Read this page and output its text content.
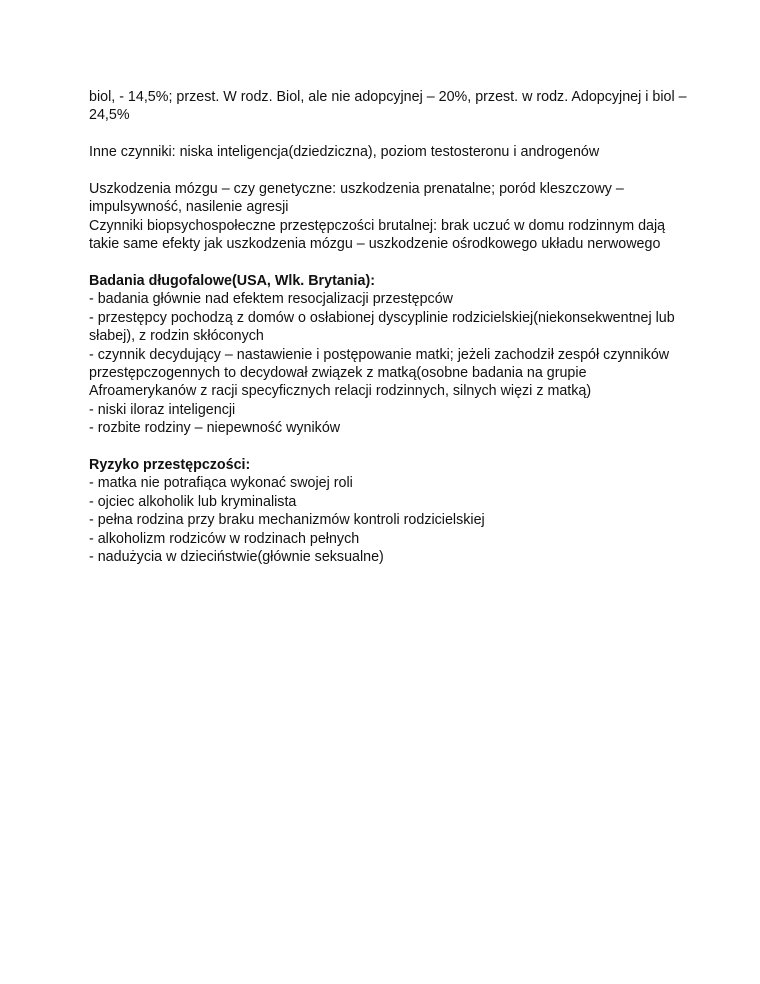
biol, - 14,5%; przest. W rodz. Biol, ale nie adopcyjnej – 20%, przest. w rodz. Adopcyjnej i biol –
24,5%

Inne czynniki: niska inteligencja(dziedziczna), poziom testosteronu i androgenów

Uszkodzenia mózgu – czy genetyczne: uszkodzenia prenatalne; poród kleszczowy –
impulsywność, nasilenie agresji
Czynniki biopsychospołeczne przestępczości brutalnej: brak uczuć w domu rodzinnym dają
takie same efekty jak uszkodzenia mózgu – uszkodzenie ośrodkowego układu nerwowego

Badania długofalowe(USA, Wlk. Brytania):
- badania głównie nad efektem resocjalizacji przestępców
- przestępcy pochodzą z domów o osłabionej dyscyplinie rodzicielskiej(niekonsekwentnej lub
słabej), z rodzin skłóconych
- czynnik decydujący – nastawienie i postępowanie matki; jeżeli zachodził zespół czynników
przestępczogennych to decydował związek z matką(osobne badania na grupie
Afroamerykanów z racji specyficznych relacji rodzinnych, silnych więzi z matką)
- niski iloraz inteligencji
- rozbite rodziny – niepewność wyników
Ryzyko przestępczości:
- matka nie potrafiąca wykonać swojej roli
- ojciec alkoholik lub kryminalista
- pełna rodzina przy braku mechanizmów kontroli rodzicielskiej
- alkoholizm rodziców w rodzinach pełnych
- nadużycia w dzieciństwie(głównie seksualne)
